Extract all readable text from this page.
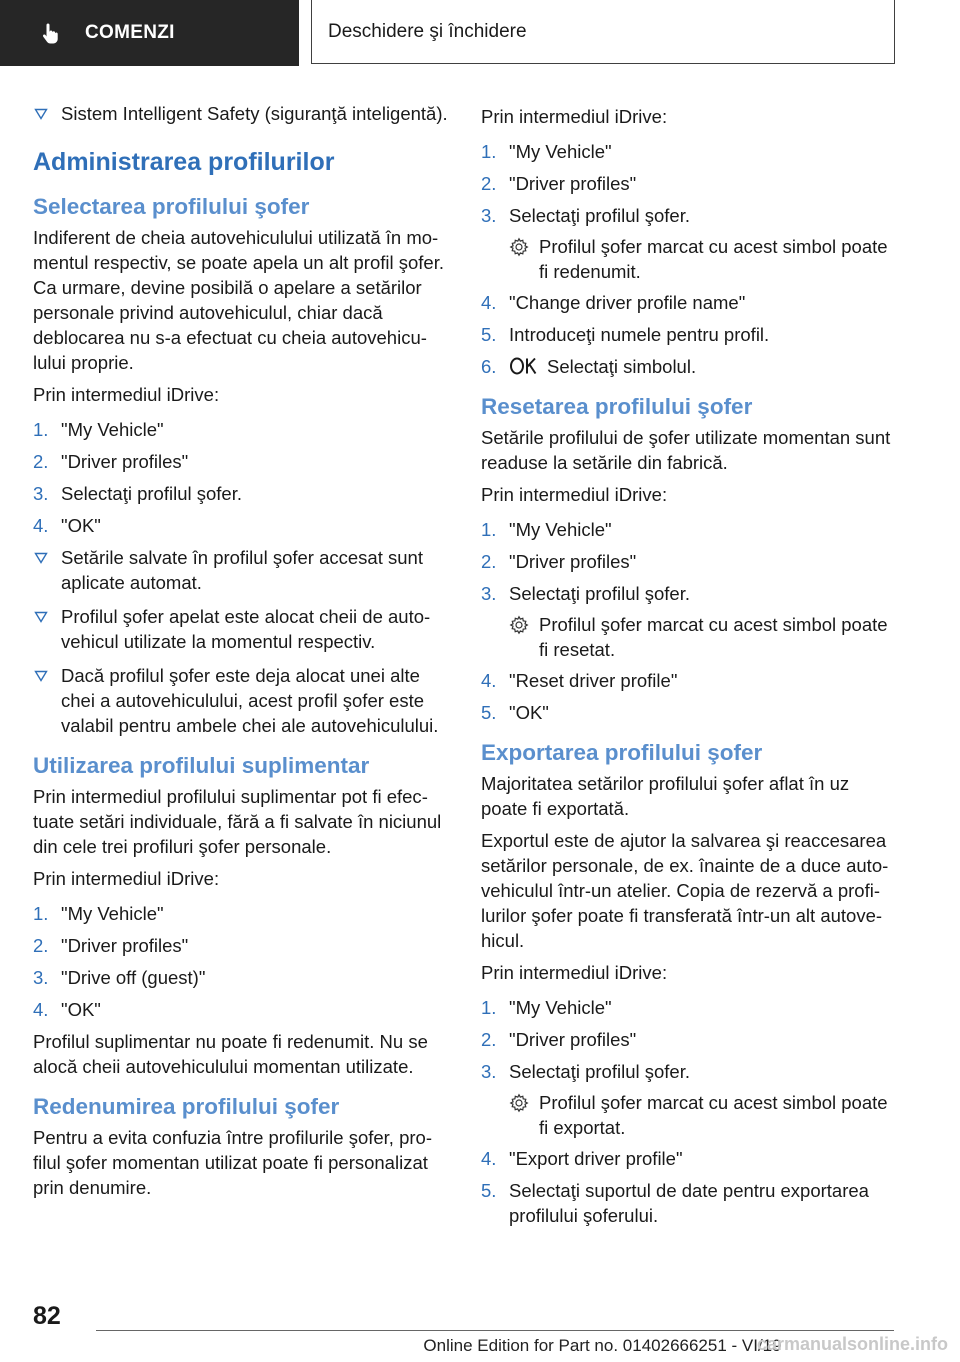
COMENZI	Deschidere şi închidere
Sistem Intelligent Safety (siguranţă inteligentă).
Administrarea profilurilor
Selectarea profilului şofer

Indiferent de cheia autovehiculului utilizată în momentul respectiv, se poate apela un alt profil şofer. Ca urmare, devine posibilă o apelare a setărilor personale privind autovehiculul, chiar dacă deblocarea nu s-a efectuat cu cheia autovehiculului proprie.

Prin intermediul iDrive:

1. "My Vehicle"
2. "Driver profiles"
3. Selectaţi profilul şofer.
4. "OK"
Setările salvate în profilul şofer accesat sunt aplicate automat.
Profilul şofer apelat este alocat cheii de autovehicul utilizate la momentul respectiv.
Dacă profilul şofer este deja alocat unei alte chei a autovehiculului, acest profil şofer este valabil pentru ambele chei ale autovehiculului.
Utilizarea profilului suplimentar

Prin intermediul profilului suplimentar pot fi efectuate setări individuale, fără a fi salvate în niciunul din cele trei profiluri şofer personale.

Prin intermediul iDrive:

1. "My Vehicle"
2. "Driver profiles"
3. "Drive off (guest)"
4. "OK"

Profilul suplimentar nu poate fi redenumit. Nu se alocă cheii autovehiculului momentan utilizate.

Redenumirea profilului şofer

Pentru a evita confuzia între profilurile şofer, profilul şofer momentan utilizat poate fi personalizat prin denumire.

Prin intermediul iDrive:

1. "My Vehicle"
2. "Driver profiles"
3. Selectaţi profilul şofer.
Profilul şofer marcat cu acest simbol poate fi redenumit.
4. "Change driver profile name"
5. Introduceţi numele pentru profil.
6.	Selectaţi simbolul.
Resetarea profilului şofer

Setările profilului de şofer utilizate momentan sunt readuse la setările din fabrică.

Prin intermediul iDrive:

1. "My Vehicle"
2. "Driver profiles"
3. Selectaţi profilul şofer.
Profilul şofer marcat cu acest simbol poate fi resetat.
4. "Reset driver profile"
5. "OK"
Exportarea profilului şofer

Majoritatea setărilor profilului şofer aflat în uz poate fi exportată.

Exportul este de ajutor la salvarea şi reaccesarea setărilor personale, de ex. înainte de a duce autovehiculul într-un atelier. Copia de rezervă a profilurilor şofer poate fi transferată într-un alt autovehicul.

Prin intermediul iDrive:

1. "My Vehicle"
2. "Driver profiles"
3. Selectaţi profilul şofer.
Profilul şofer marcat cu acest simbol poate fi exportat.
4. "Export driver profile"
5. Selectaţi suportul de date pentru exportarea profilului şoferului.
82
Online Edition for Part no. 01402666251 - VI/19
carmanualsonline.info
